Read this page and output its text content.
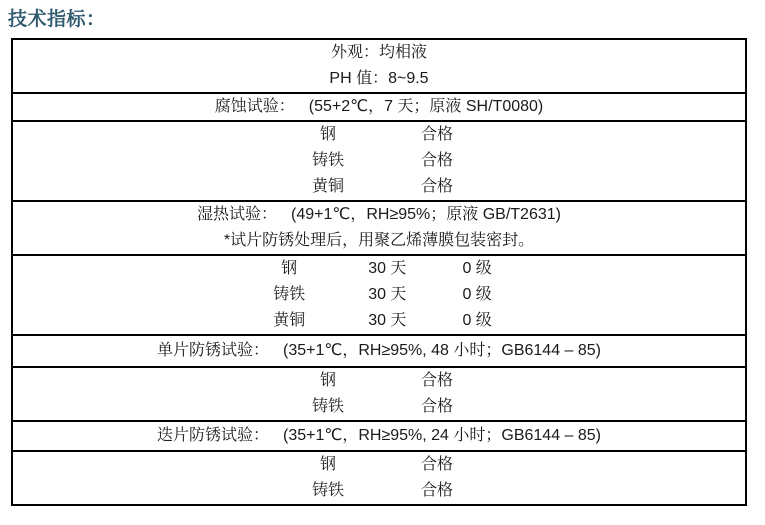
技术指标：
外观：均相液
PH 值：8~9.5
腐蚀试验： (55+2℃，7 天；原液 SH/T0080)
钢	合格
铸铁	合格
黄铜	合格
湿热试验： (49+1℃，RH≥95%；原液 GB/T2631)
*试片防锈处理后，用聚乙烯薄膜包装密封。
钢	30 天	0 级
铸铁	30 天	0 级
黄铜	30 天	0 级
单片防锈试验： (35+1℃，RH≥95%, 48 小时；GB6144 – 85)
钢	合格
铸铁	合格
迭片防锈试验： (35+1℃，RH≥95%, 24 小时；GB6144 – 85)
钢	合格
铸铁	合格
